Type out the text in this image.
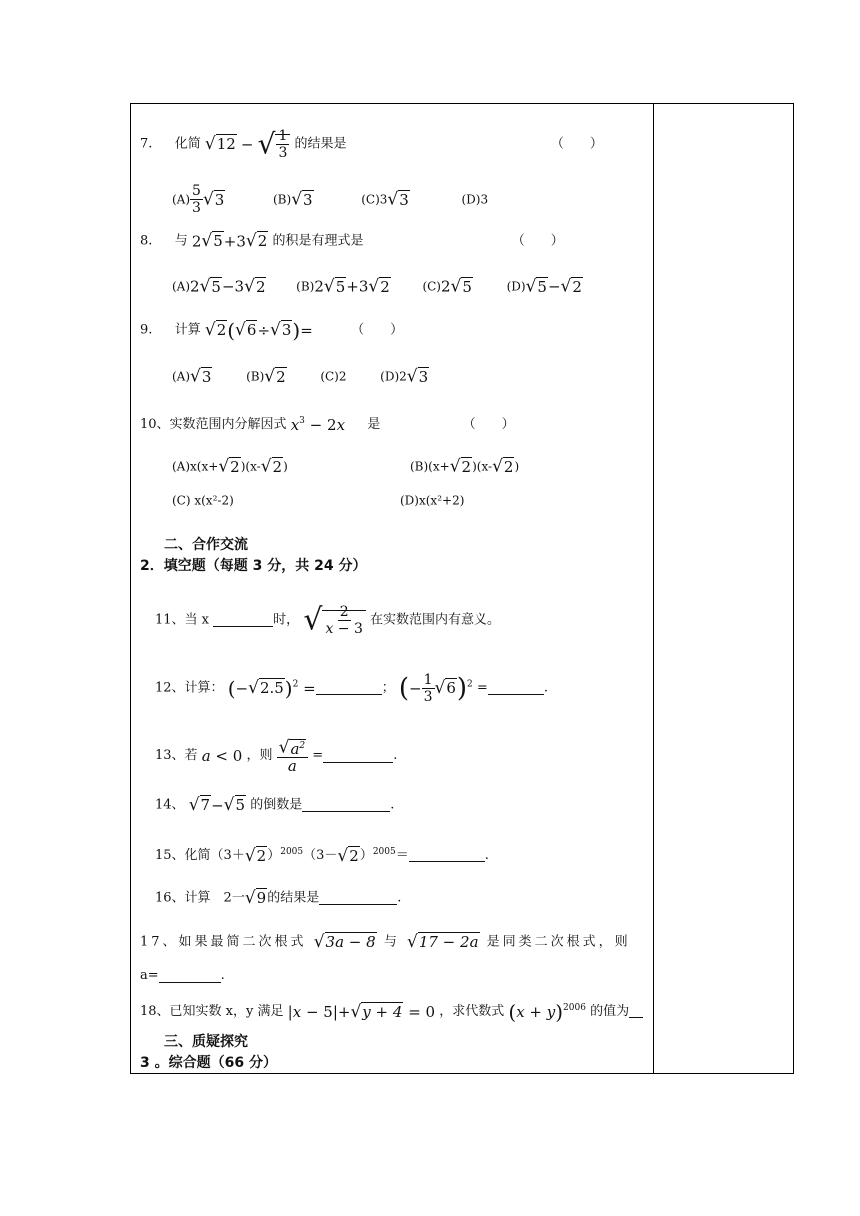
7. 化简 √12 − √ $\frac{1}{3}$ 的结果是	（　　）
$(A) \frac{5}{3} √3$	(B)√3	(C)3√3	(D)3
8. 与 2√5+3√2 的积是有理式是	（　　）
(A)2√5−3√2	(B)2√5+3√2	(C)2√5	(D)√5−√2
9. 计算 √2(√6÷√3)=	（　　）
(A)√3	(B)√2	(C)2	(D)2√3
10、实数范围内分解因式 $x^3 - 2x$ 是	（　　）
(A)x(x+√2)(x-√2)	(B)(x+√2)(x-√2)
(C) x(x²-2)	(D)x(x²+2)
二、合作交流
2．填空题（每题 3 分，共 24 分）
11、当 x	时， √ $\frac{2}{x - 3}$ 在实数范围内有意义。
12、计算： $(-√2.5)^2$ =	； (− $\frac{1}{3} √6)^2$ =	.
13、若 a < 0 ，则 $\frac{√a^2}{a}$ =	.
14、 √7−√5 的倒数是	.
15、化简$(3+√2)^{2005}(3-√2)^{2005}=$	.
16、计算　2一√9的结果是	.
17、如果最简二次根式 √3a − 8 与 √17 − 2a 是同类二次根式，则
a=	.
18、已知实数 x，y 满足 |x − 5|+√y + 4 = 0 ，求代数式 $(x + y)^{2006}$ 的值为
三、质疑探究
3 。综合题（66 分）
